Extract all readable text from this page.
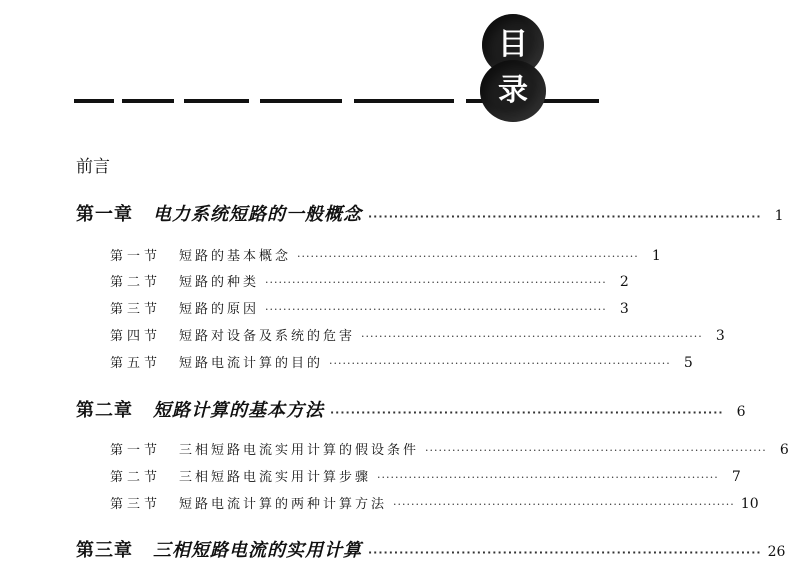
目
录
前言
第一章 电力系统短路的一般概念 ············································································ 1
第一节 短路的基本概念 ············································································ 1
第二节 短路的种类 ············································································ 2
第三节 短路的原因 ············································································ 3
第四节 短路对设备及系统的危害 ············································································ 3
第五节 短路电流计算的目的 ············································································ 5
第二章 短路计算的基本方法 ············································································ 6
第一节 三相短路电流实用计算的假设条件 ············································································ 6
第二节 三相短路电流实用计算步骤 ············································································ 7
第三节 短路电流计算的两种计算方法 ············································································ 10
第三章 三相短路电流的实用计算 ············································································ 26
